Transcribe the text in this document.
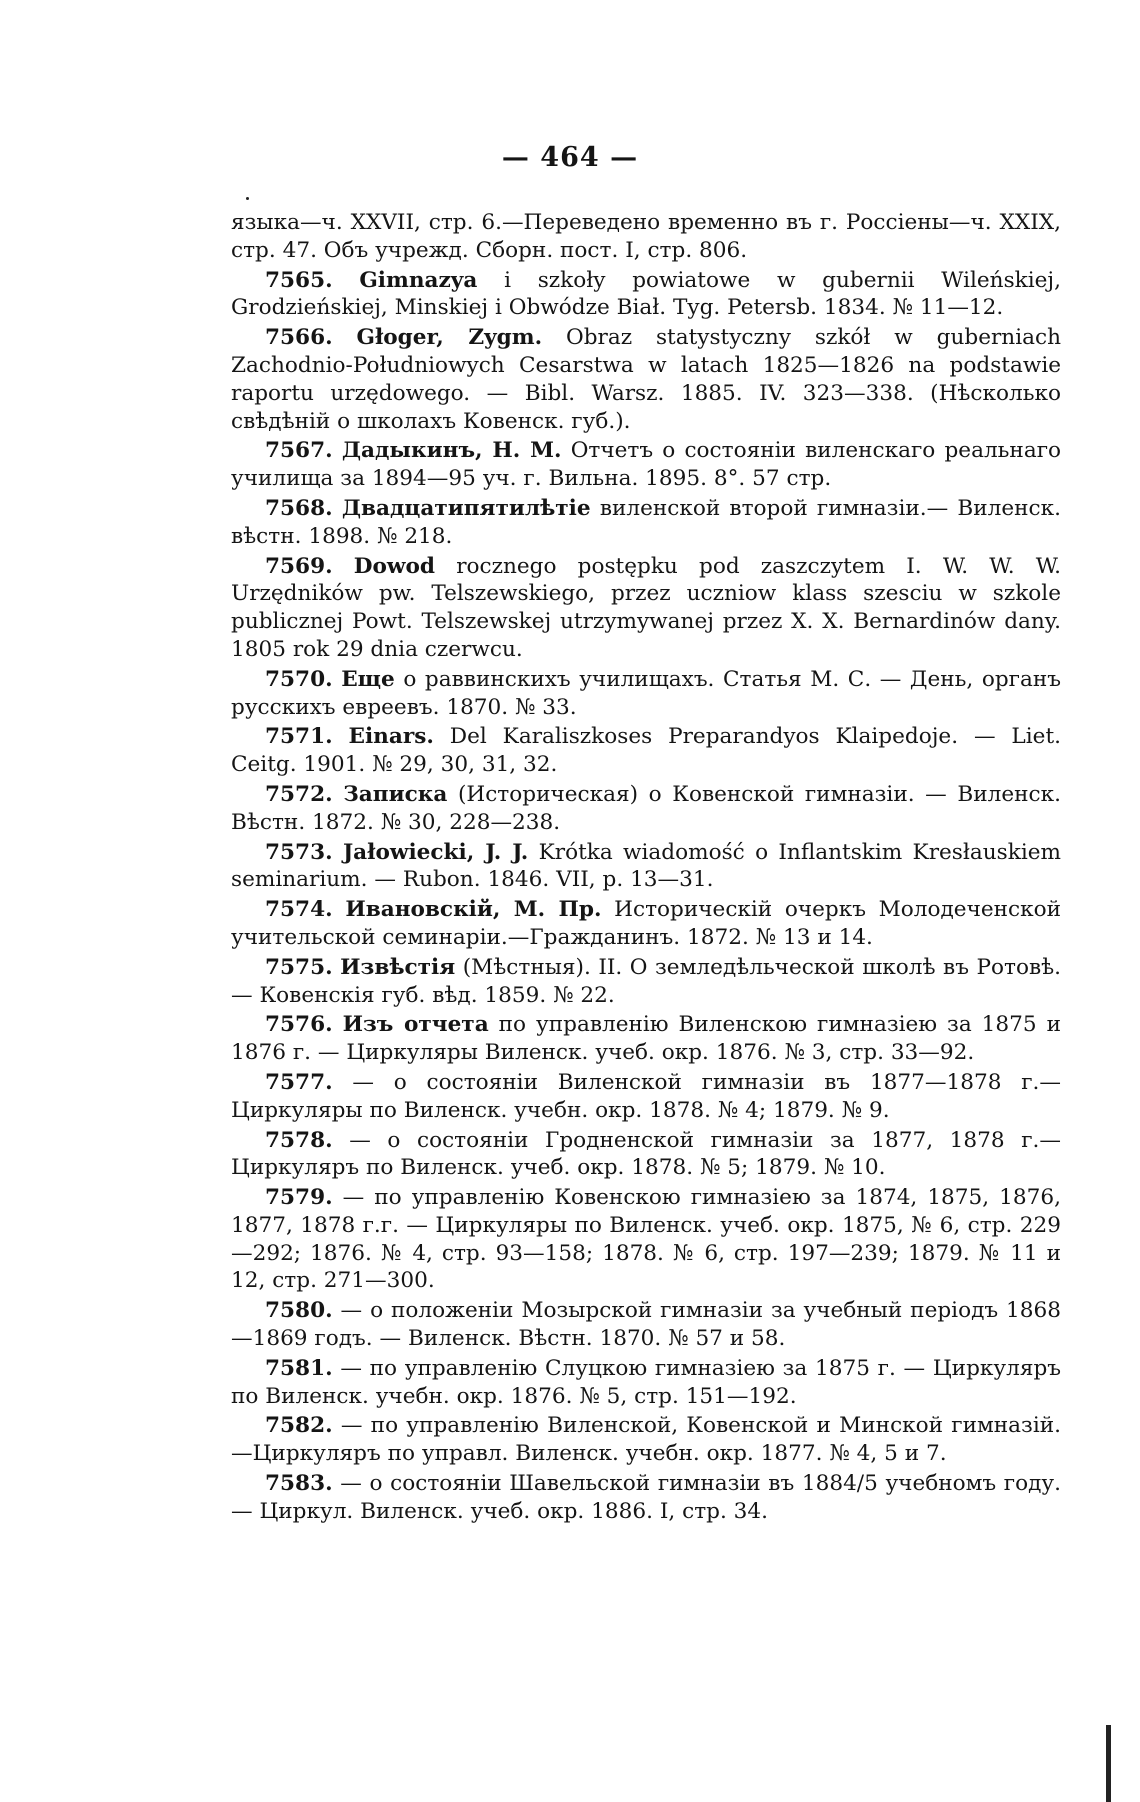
— 464 —

языка—ч. XXVII, стр. 6.—Переведено временно въ г. Россіены—ч. XXIX, стр. 47. Объ учрежд. Сборн. пост. I, стр. 806.

7565. Gimnazya i szkoły powiatowe w gubernii Wileńskiej, Grodzieńskiej, Minskiej i Obwódze Biał. Tyg. Petersb. 1834. № 11—12.

7566. Głoger, Zygm. Obraz statystyczny szkół w guberniach Zachodnio-Południowych Cesarstwa w latach 1825—1826 na podstawie raportu urzędowego. — Bibl. Warsz. 1885. IV. 323—338. (Нѣсколько свѣдѣній о школахъ Ковенск. губ.).

7567. Дадыкинъ, Н. М. Отчетъ о состояніи виленскаго реальнаго училища за 1894—95 уч. г. Вильна. 1895. 8°. 57 стр.

7568. Двадцатипятилѣтіе виленской второй гимназіи.— Виленск. вѣстн. 1898. № 218.

7569. Dowod rocznego postępku pod zaszczytem I. W. W. W. Urzędników pw. Telszewskiego, przez uczniow klass szesciu w szkole publicznej Powt. Telszewskej utrzymywanej przez X. X. Bernardinów dany. 1805 rok 29 dnia czerwcu.

7570. Еще о раввинскихъ училищахъ. Статья М. С. — День, органъ русскихъ евреевъ. 1870. № 33.

7571. Einars. Del Karaliszkoses Preparandyos Klaipedoje. — Liet. Ceitg. 1901. № 29, 30, 31, 32.

7572. Записка (Историческая) о Ковенской гимназіи. — Виленск. Вѣстн. 1872. № 30, 228—238.

7573. Jałowiecki, J. J. Krótka wiadomość o Inflantskim Kresłauskiem seminarium. — Rubon. 1846. VII, p. 13—31.

7574. Ивановскій, М. Пр. Историческій очеркъ Молодеченской учительской семинаріи.—Гражданинъ. 1872. № 13 и 14.

7575. Извѣстія (Мѣстныя). II. О земледѣльческой школѣ въ Ротовѣ. — Ковенскія губ. вѣд. 1859. № 22.

7576. Изъ отчета по управленію Виленскою гимназіею за 1875 и 1876 г. — Циркуляры Виленск. учеб. окр. 1876. № 3, стр. 33—92.

7577. — о состояніи Виленской гимназіи въ 1877—1878 г.— Циркуляры по Виленск. учебн. окр. 1878. № 4; 1879. № 9.

7578. — о состояніи Гродненской гимназіи за 1877, 1878 г.— Циркуляръ по Виленск. учеб. окр. 1878. № 5; 1879. № 10.

7579. — по управленію Ковенскою гимназіею за 1874, 1875, 1876, 1877, 1878 г.г. — Циркуляры по Виленск. учеб. окр. 1875, № 6, стр. 229—292; 1876. № 4, стр. 93—158; 1878. № 6, стр. 197—239; 1879. № 11 и 12, стр. 271—300.

7580. — о положеніи Мозырской гимназіи за учебный періодъ 1868—1869 годъ. — Виленск. Вѣстн. 1870. № 57 и 58.

7581. — по управленію Слуцкою гимназіею за 1875 г. — Циркуляръ по Виленск. учебн. окр. 1876. № 5, стр. 151—192.

7582. — по управленію Виленской, Ковенской и Минской гимназій.—Циркуляръ по управл. Виленск. учебн. окр. 1877. № 4, 5 и 7.

7583. — о состояніи Шавельской гимназіи въ 1884/5 учебномъ году. — Циркул. Виленск. учеб. окр. 1886. I, стр. 34.
